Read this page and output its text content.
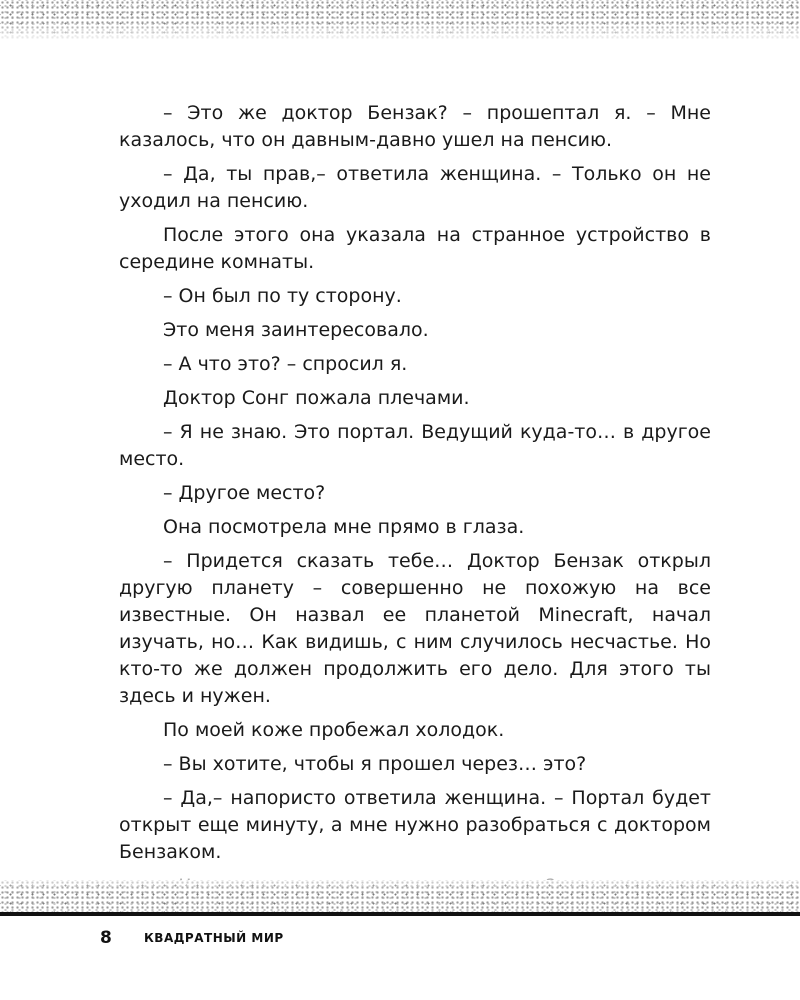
– Это же доктор Бензак? – прошептал я. – Мне казалось, что он давным-давно ушел на пенсию.

– Да, ты прав,– ответила женщина. – Только он не уходил на пенсию.

После этого она указала на странное устройство в середине комнаты.

– Он был по ту сторону.

Это меня заинтересовало.

– А что это? – спросил я.

Доктор Сонг пожала плечами.

– Я не знаю. Это портал. Ведущий куда-то… в другое место.

– Другое место?

Она посмотрела мне прямо в глаза.

– Придется сказать тебе… Доктор Бензак открыл другую планету – совершенно не похожую на все известные. Он назвал ее планетой Minecraft, начал изучать, но… Как видишь, с ним случилось несчастье. Но кто-то же должен продолжить его дело. Для этого ты здесь и нужен.

По моей коже пробежал холодок.

– Вы хотите, чтобы я прошел через… это?

– Да,– напористо ответила женщина. – Портал будет открыт еще минуту, а мне нужно разобраться с доктором Бензаком.

8	КВАДРАТНЫЙ МИР
